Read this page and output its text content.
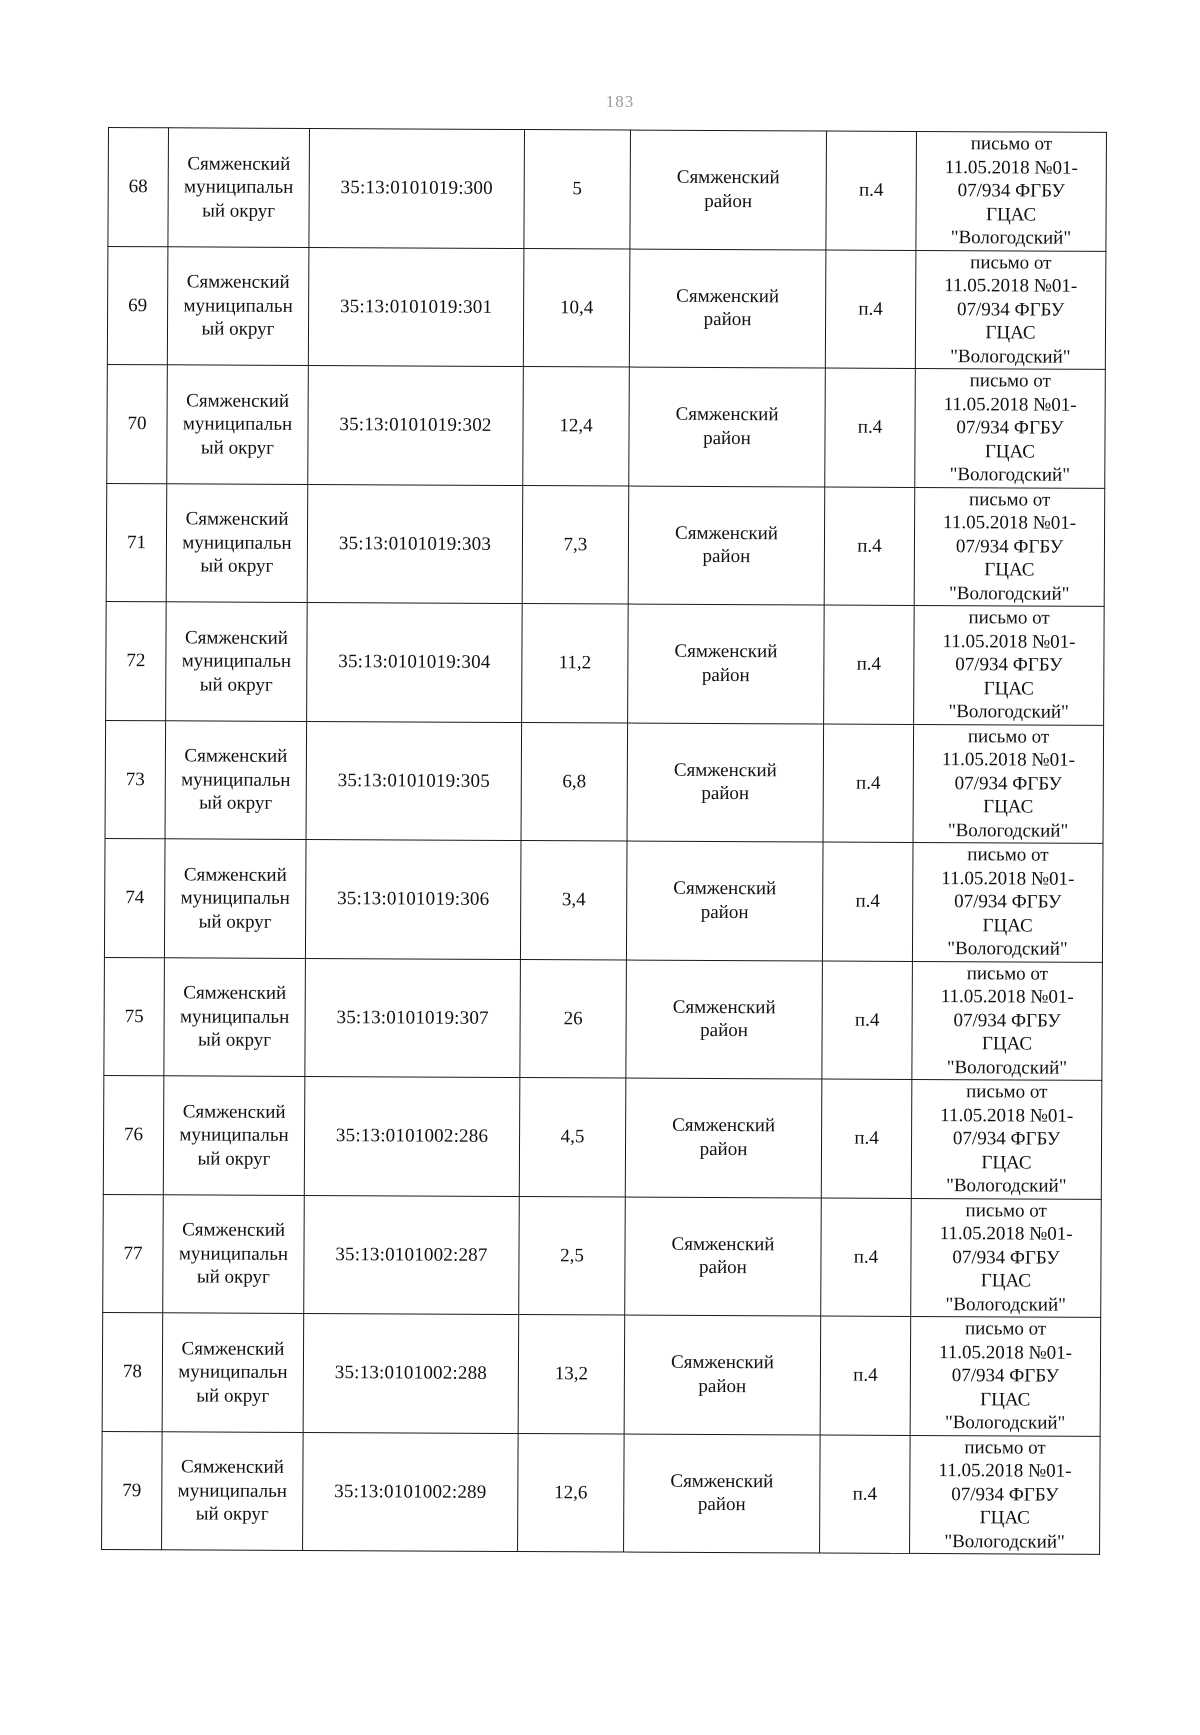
183
68	Сямженский
муниципальн
ый округ	35:13:0101019:300	5	Сямженский
район	п.4	письмо от
11.05.2018 №01-
07/934 ФГБУ
ГЦАС
"Вологодский"

69	Сямженский
муниципальн
ый округ	35:13:0101019:301	10,4	Сямженский
район	п.4	письмо от
11.05.2018 №01-
07/934 ФГБУ
ГЦАС
"Вологодский"

70	Сямженский
муниципальн
ый округ	35:13:0101019:302	12,4	Сямженский
район	п.4	письмо от
11.05.2018 №01-
07/934 ФГБУ
ГЦАС
"Вологодский"

71	Сямженский
муниципальн
ый округ	35:13:0101019:303	7,3	Сямженский
район	п.4	письмо от
11.05.2018 №01-
07/934 ФГБУ
ГЦАС
"Вологодский"

72	Сямженский
муниципальн
ый округ	35:13:0101019:304	11,2	Сямженский
район	п.4	письмо от
11.05.2018 №01-
07/934 ФГБУ
ГЦАС
"Вологодский"

73	Сямженский
муниципальн
ый округ	35:13:0101019:305	6,8	Сямженский
район	п.4	письмо от
11.05.2018 №01-
07/934 ФГБУ
ГЦАС
"Вологодский"

74	Сямженский
муниципальн
ый округ	35:13:0101019:306	3,4	Сямженский
район	п.4	письмо от
11.05.2018 №01-
07/934 ФГБУ
ГЦАС
"Вологодский"

75	Сямженский
муниципальн
ый округ	35:13:0101019:307	26	Сямженский
район	п.4	письмо от
11.05.2018 №01-
07/934 ФГБУ
ГЦАС
"Вологодский"

76	Сямженский
муниципальн
ый округ	35:13:0101002:286	4,5	Сямженский
район	п.4	письмо от
11.05.2018 №01-
07/934 ФГБУ
ГЦАС
"Вологодский"

77	Сямженский
муниципальн
ый округ	35:13:0101002:287	2,5	Сямженский
район	п.4	письмо от
11.05.2018 №01-
07/934 ФГБУ
ГЦАС
"Вологодский"

78	Сямженский
муниципальн
ый округ	35:13:0101002:288	13,2	Сямженский
район	п.4	письмо от
11.05.2018 №01-
07/934 ФГБУ
ГЦАС
"Вологодский"

79	Сямженский
муниципальн
ый округ	35:13:0101002:289	12,6	Сямженский
район	п.4	письмо от
11.05.2018 №01-
07/934 ФГБУ
ГЦАС
"Вологодский"
